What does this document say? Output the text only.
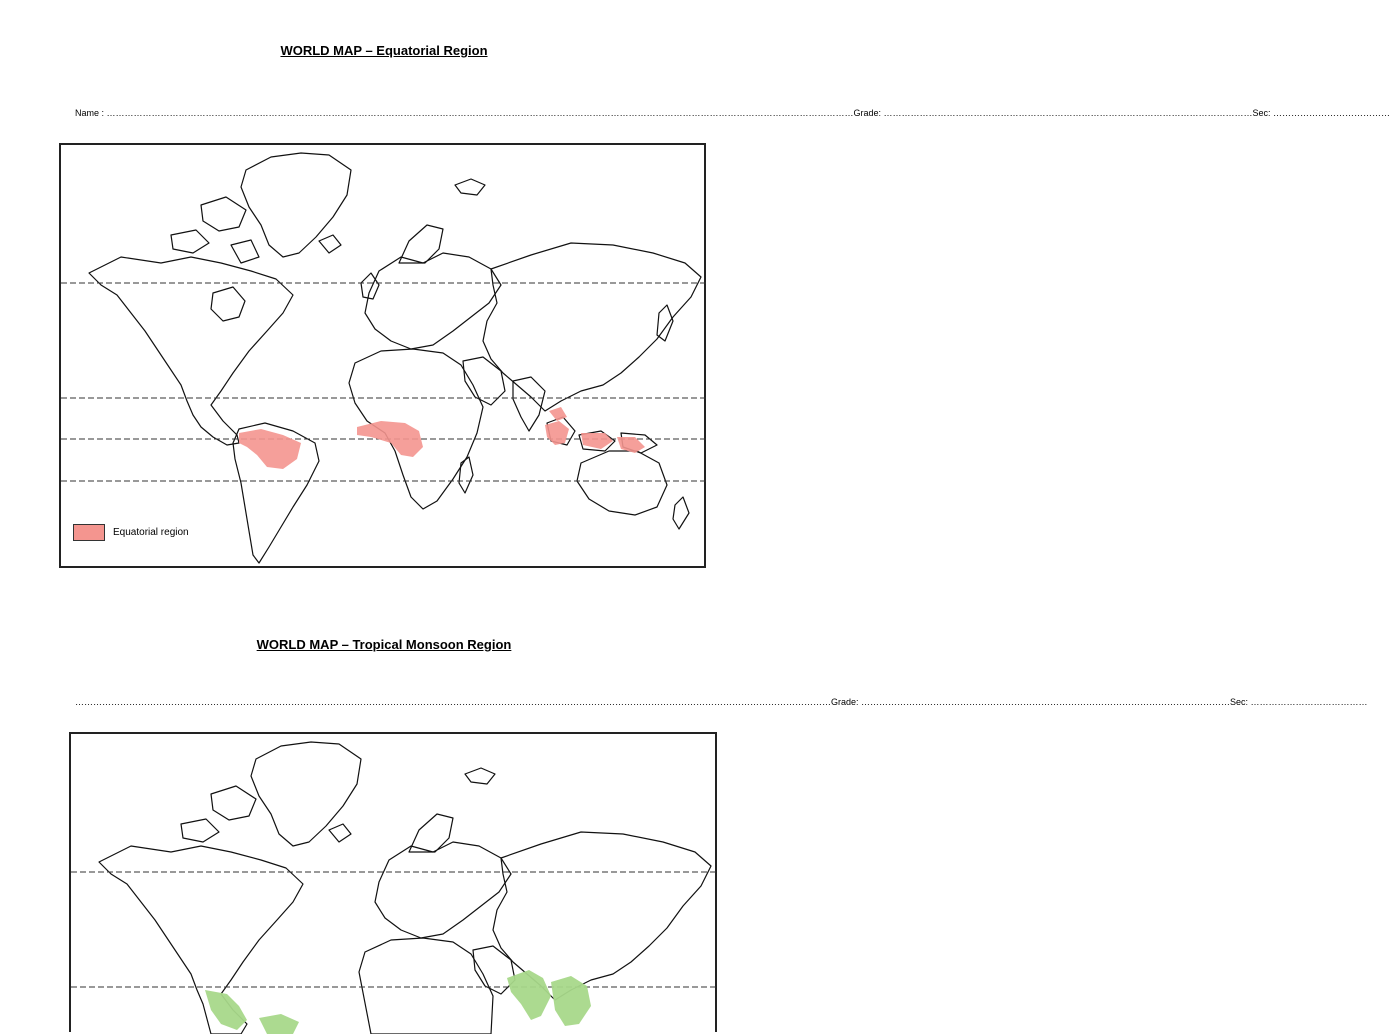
WORLD MAP – Equatorial Region
Name : ……………………………………………………………………………………………………………………………………………………………………………………………………………………………Grade: ……………………………………………………………………………………………………………Sec: …………………………………
Equatorial region
WORLD MAP – Tropical Monsoon Region
………………………………………………………………………………………………………………………………………………………………………………………………………………………………Grade: ……………………………………………………………………………………………………………Sec: …………………………………
